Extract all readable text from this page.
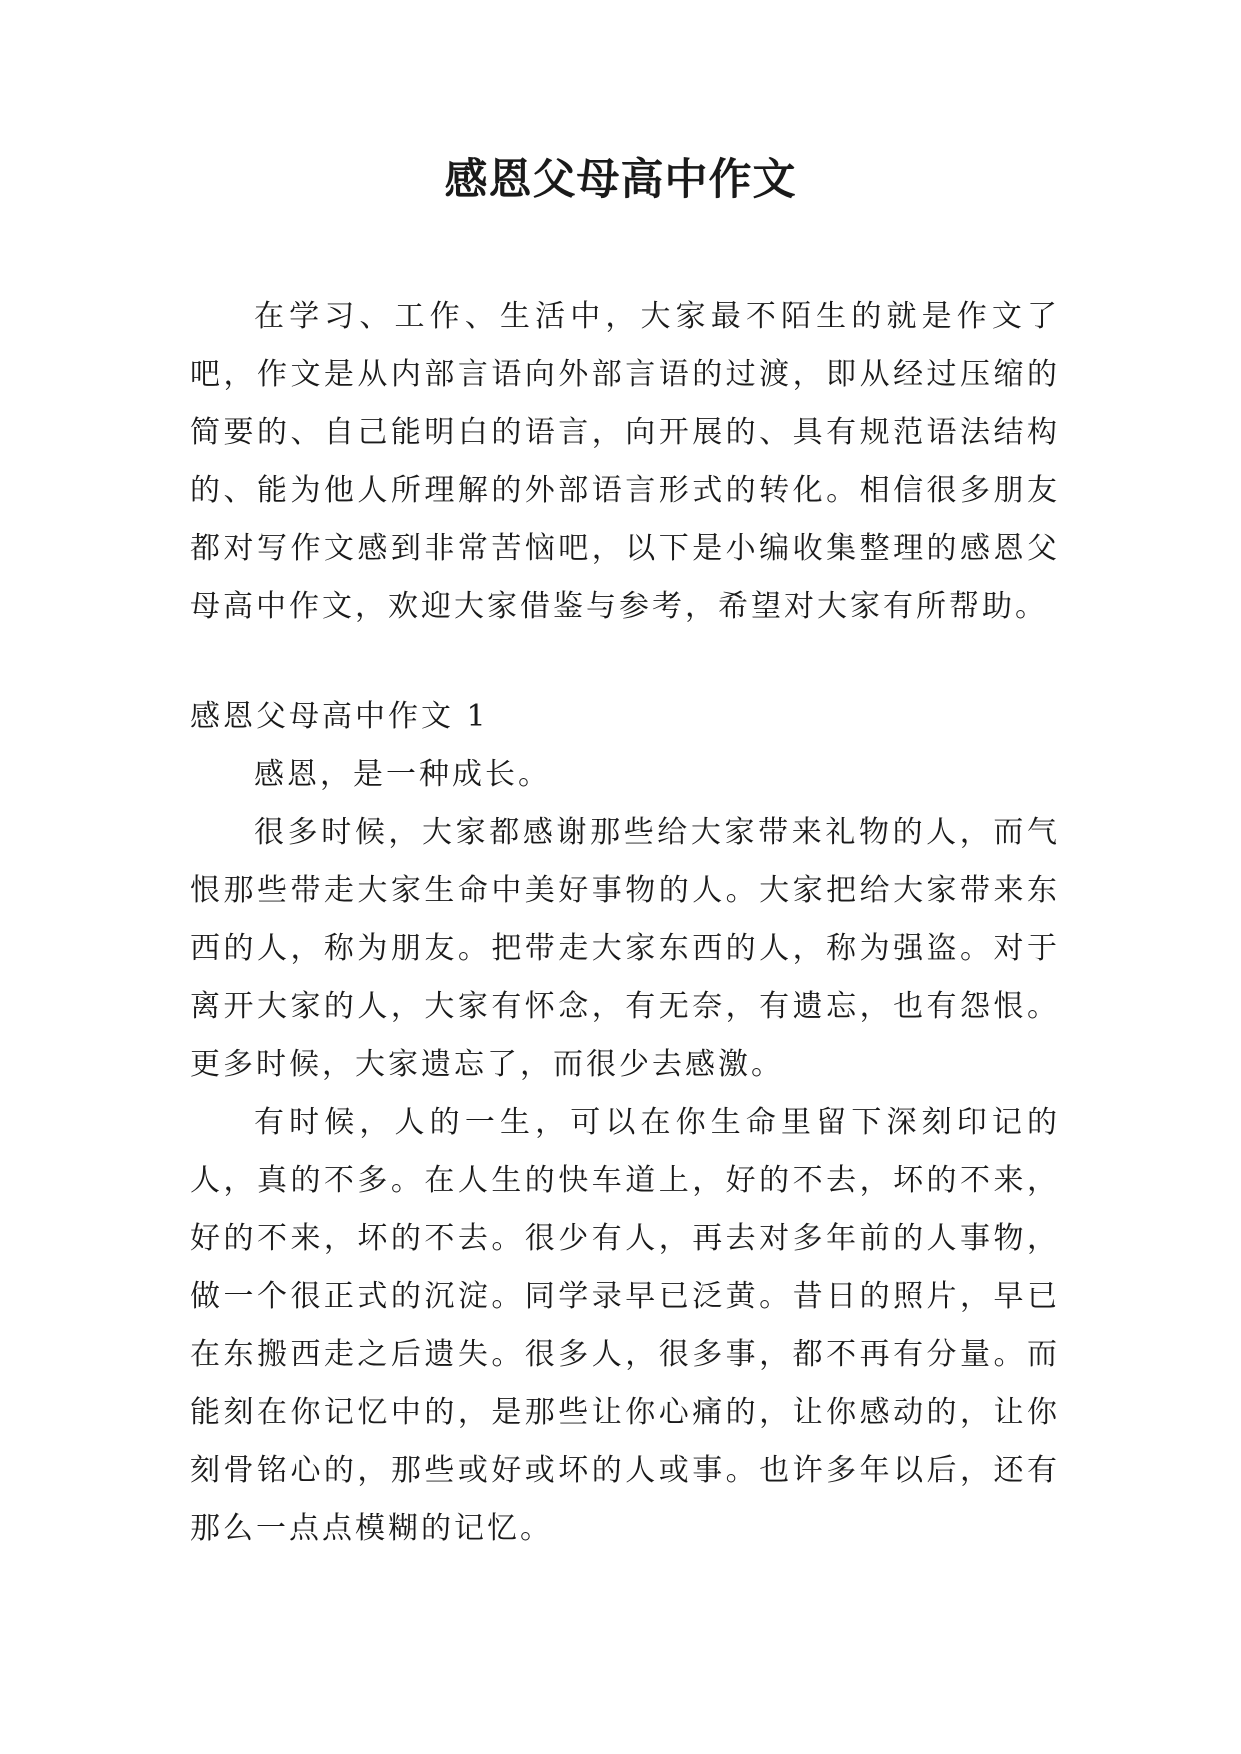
感恩父母高中作文

在学习、工作、生活中，大家最不陌生的就是作文了吧，作文是从内部言语向外部言语的过渡，即从经过压缩的简要的、自己能明白的语言，向开展的、具有规范语法结构的、能为他人所理解的外部语言形式的转化。相信很多朋友都对写作文感到非常苦恼吧，以下是小编收集整理的感恩父母高中作文，欢迎大家借鉴与参考，希望对大家有所帮助。

感恩父母高中作文 1

感恩，是一种成长。

很多时候，大家都感谢那些给大家带来礼物的人，而气恨那些带走大家生命中美好事物的人。大家把给大家带来东西的人，称为朋友。把带走大家东西的人，称为强盗。对于离开大家的人，大家有怀念，有无奈，有遗忘，也有怨恨。更多时候，大家遗忘了，而很少去感激。

有时候，人的一生，可以在你生命里留下深刻印记的人，真的不多。在人生的快车道上，好的不去，坏的不来，好的不来，坏的不去。很少有人，再去对多年前的人事物，做一个很正式的沉淀。同学录早已泛黄。昔日的照片，早已在东搬西走之后遗失。很多人，很多事，都不再有分量。而能刻在你记忆中的，是那些让你心痛的，让你感动的，让你刻骨铭心的，那些或好或坏的人或事。也许多年以后，还有那么一点点模糊的记忆。
